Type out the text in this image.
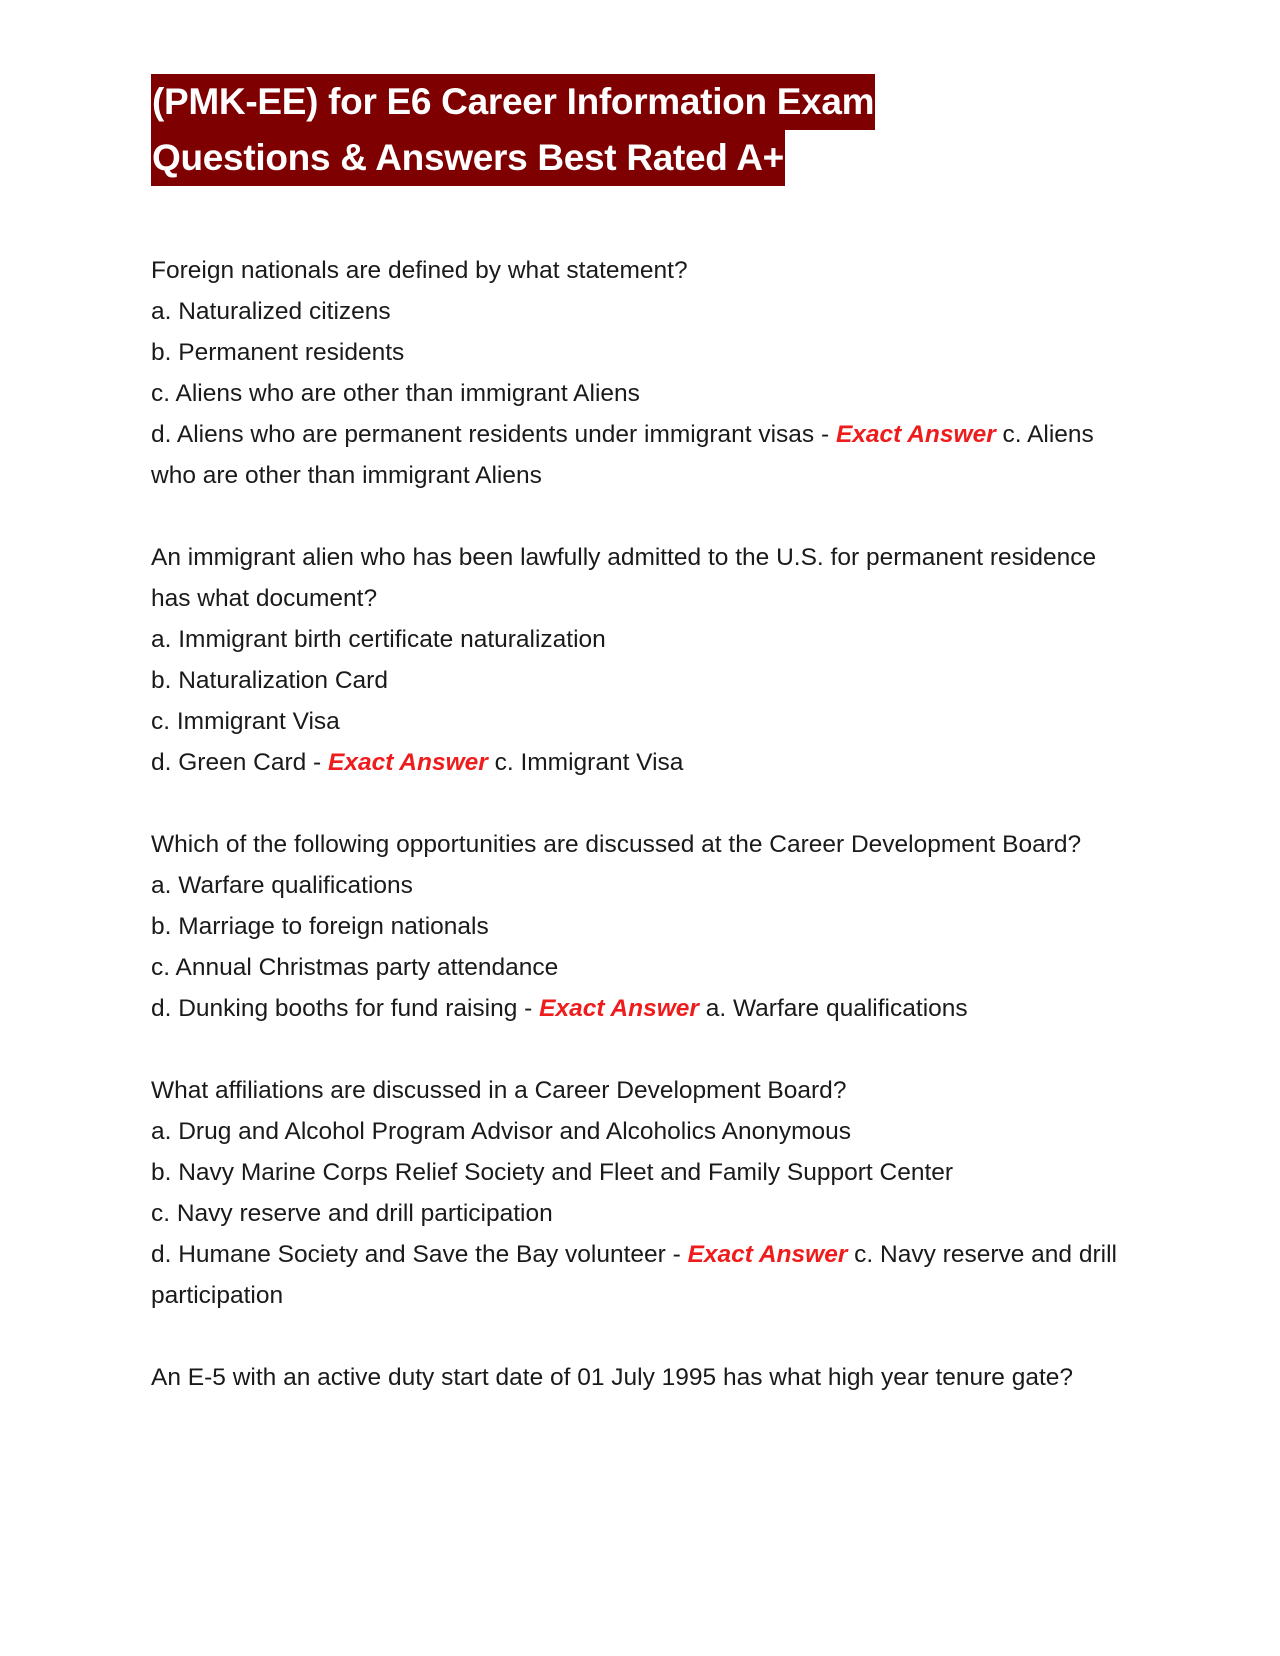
(PMK-EE) for E6 Career Information Exam
Questions & Answers Best Rated A+

Foreign nationals are defined by what statement?

a. Naturalized citizens

b. Permanent residents

c. Aliens who are other than immigrant Aliens

d. Aliens who are permanent residents under immigrant visas - Exact Answer c. Aliens who are other than immigrant Aliens

An immigrant alien who has been lawfully admitted to the U.S. for permanent residence has what document?

a. Immigrant birth certificate naturalization

b. Naturalization Card

c. Immigrant Visa

d. Green Card - Exact Answer c. Immigrant Visa

Which of the following opportunities are discussed at the Career Development Board?

a. Warfare qualifications

b. Marriage to foreign nationals

c. Annual Christmas party attendance

d. Dunking booths for fund raising - Exact Answer a. Warfare qualifications

What affiliations are discussed in a Career Development Board?

a. Drug and Alcohol Program Advisor and Alcoholics Anonymous

b. Navy Marine Corps Relief Society and Fleet and Family Support Center

c. Navy reserve and drill participation

d. Humane Society and Save the Bay volunteer - Exact Answer c. Navy reserve and drill participation

An E-5 with an active duty start date of 01 July 1995 has what high year tenure gate?
